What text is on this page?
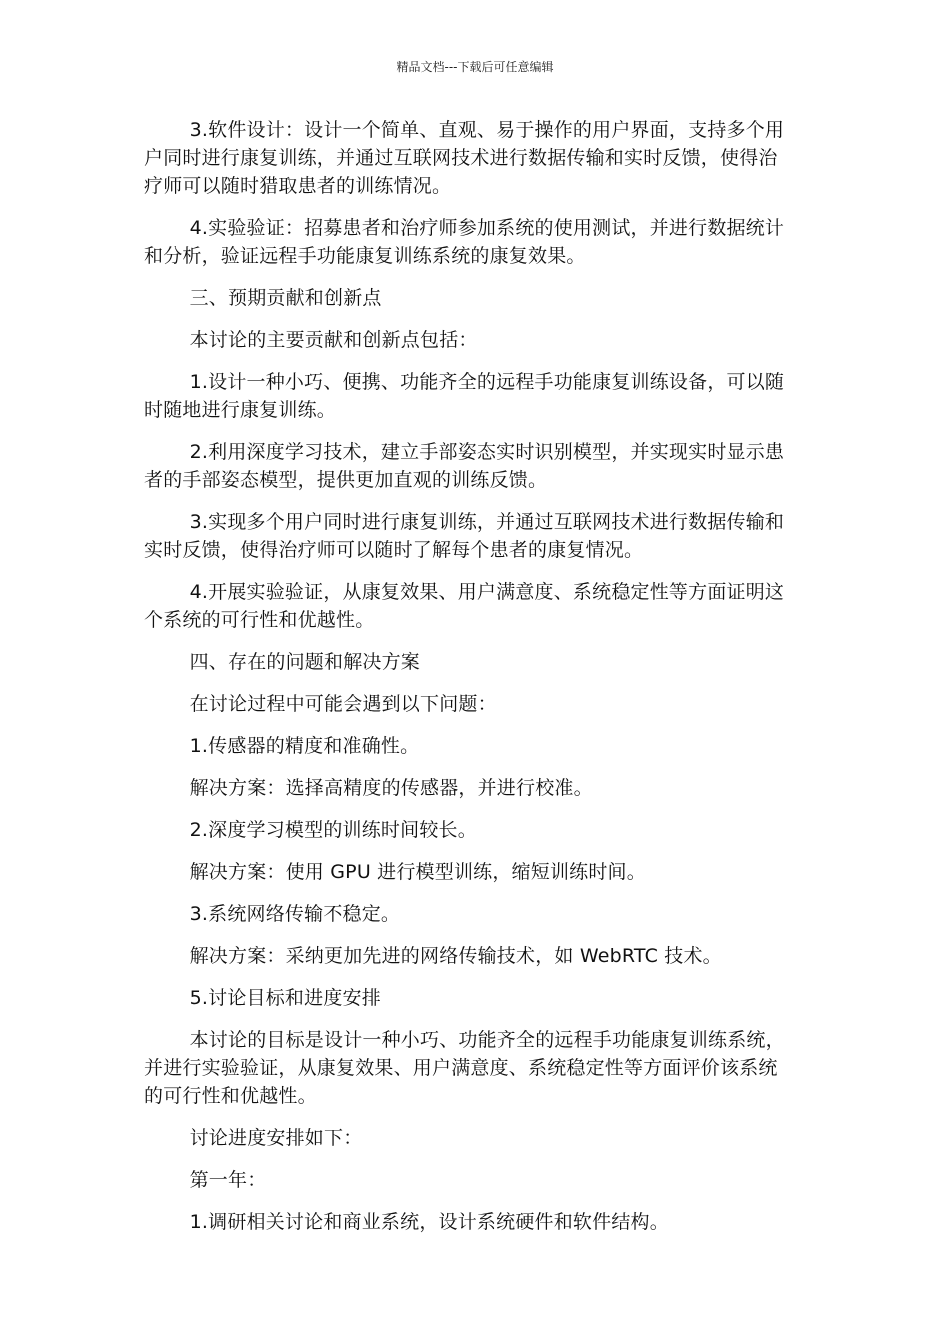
精品文档---下载后可任意编辑

3.软件设计：设计一个简单、直观、易于操作的用户界面，支持多个用户同时进行康复训练，并通过互联网技术进行数据传输和实时反馈，使得治疗师可以随时猎取患者的训练情况。

4.实验验证：招募患者和治疗师参加系统的使用测试，并进行数据统计和分析，验证远程手功能康复训练系统的康复效果。

三、预期贡献和创新点

本讨论的主要贡献和创新点包括：

1.设计一种小巧、便携、功能齐全的远程手功能康复训练设备，可以随时随地进行康复训练。

2.利用深度学习技术，建立手部姿态实时识别模型，并实现实时显示患者的手部姿态模型，提供更加直观的训练反馈。

3.实现多个用户同时进行康复训练，并通过互联网技术进行数据传输和实时反馈，使得治疗师可以随时了解每个患者的康复情况。

4.开展实验验证，从康复效果、用户满意度、系统稳定性等方面证明这个系统的可行性和优越性。

四、存在的问题和解决方案

在讨论过程中可能会遇到以下问题：

1.传感器的精度和准确性。

解决方案：选择高精度的传感器，并进行校准。

2.深度学习模型的训练时间较长。

解决方案：使用 GPU 进行模型训练，缩短训练时间。

3.系统网络传输不稳定。

解决方案：采纳更加先进的网络传输技术，如 WebRTC 技术。

5.讨论目标和进度安排

本讨论的目标是设计一种小巧、功能齐全的远程手功能康复训练系统，并进行实验验证，从康复效果、用户满意度、系统稳定性等方面评价该系统的可行性和优越性。

讨论进度安排如下：

第一年：

1.调研相关讨论和商业系统，设计系统硬件和软件结构。
